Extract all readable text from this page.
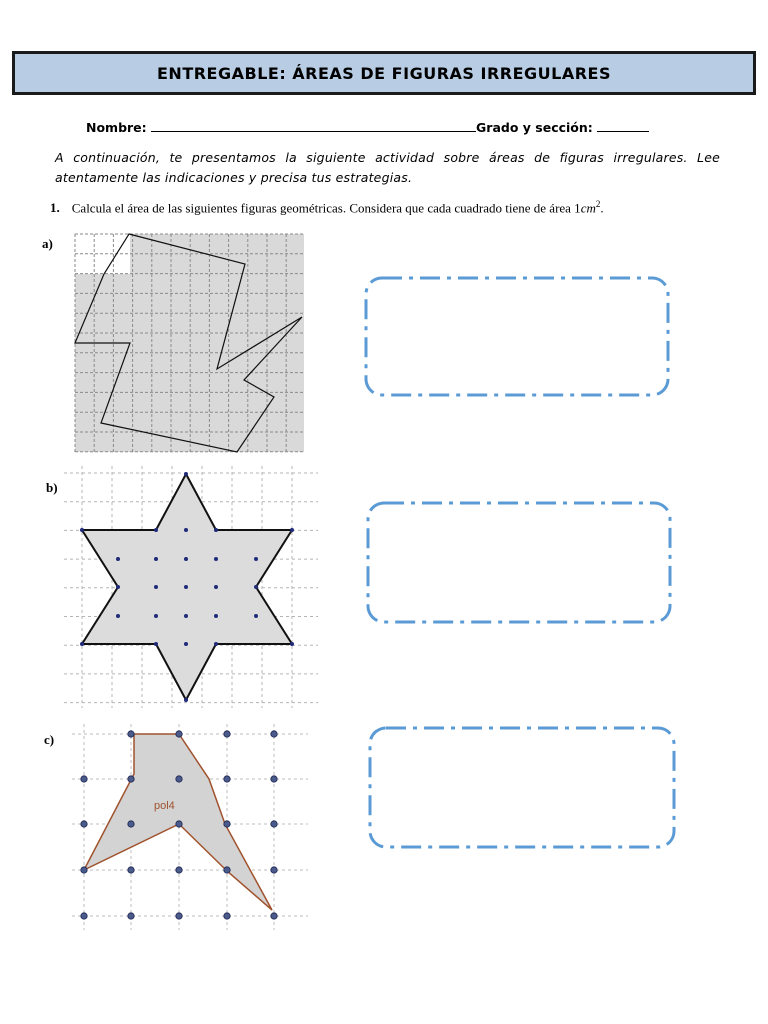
ENTREGABLE: ÁREAS DE FIGURAS IRREGULARES
Nombre:	Grado y sección:
A continuación, te presentamos la siguiente actividad sobre áreas de figuras irregulares. Lee atentamente las indicaciones y precisa tus estrategias.
1. Calcula el área de las siguientes figuras geométricas. Considera que cada cuadrado tiene de área $1cm^2$.
a)
b)
c)
pol4
